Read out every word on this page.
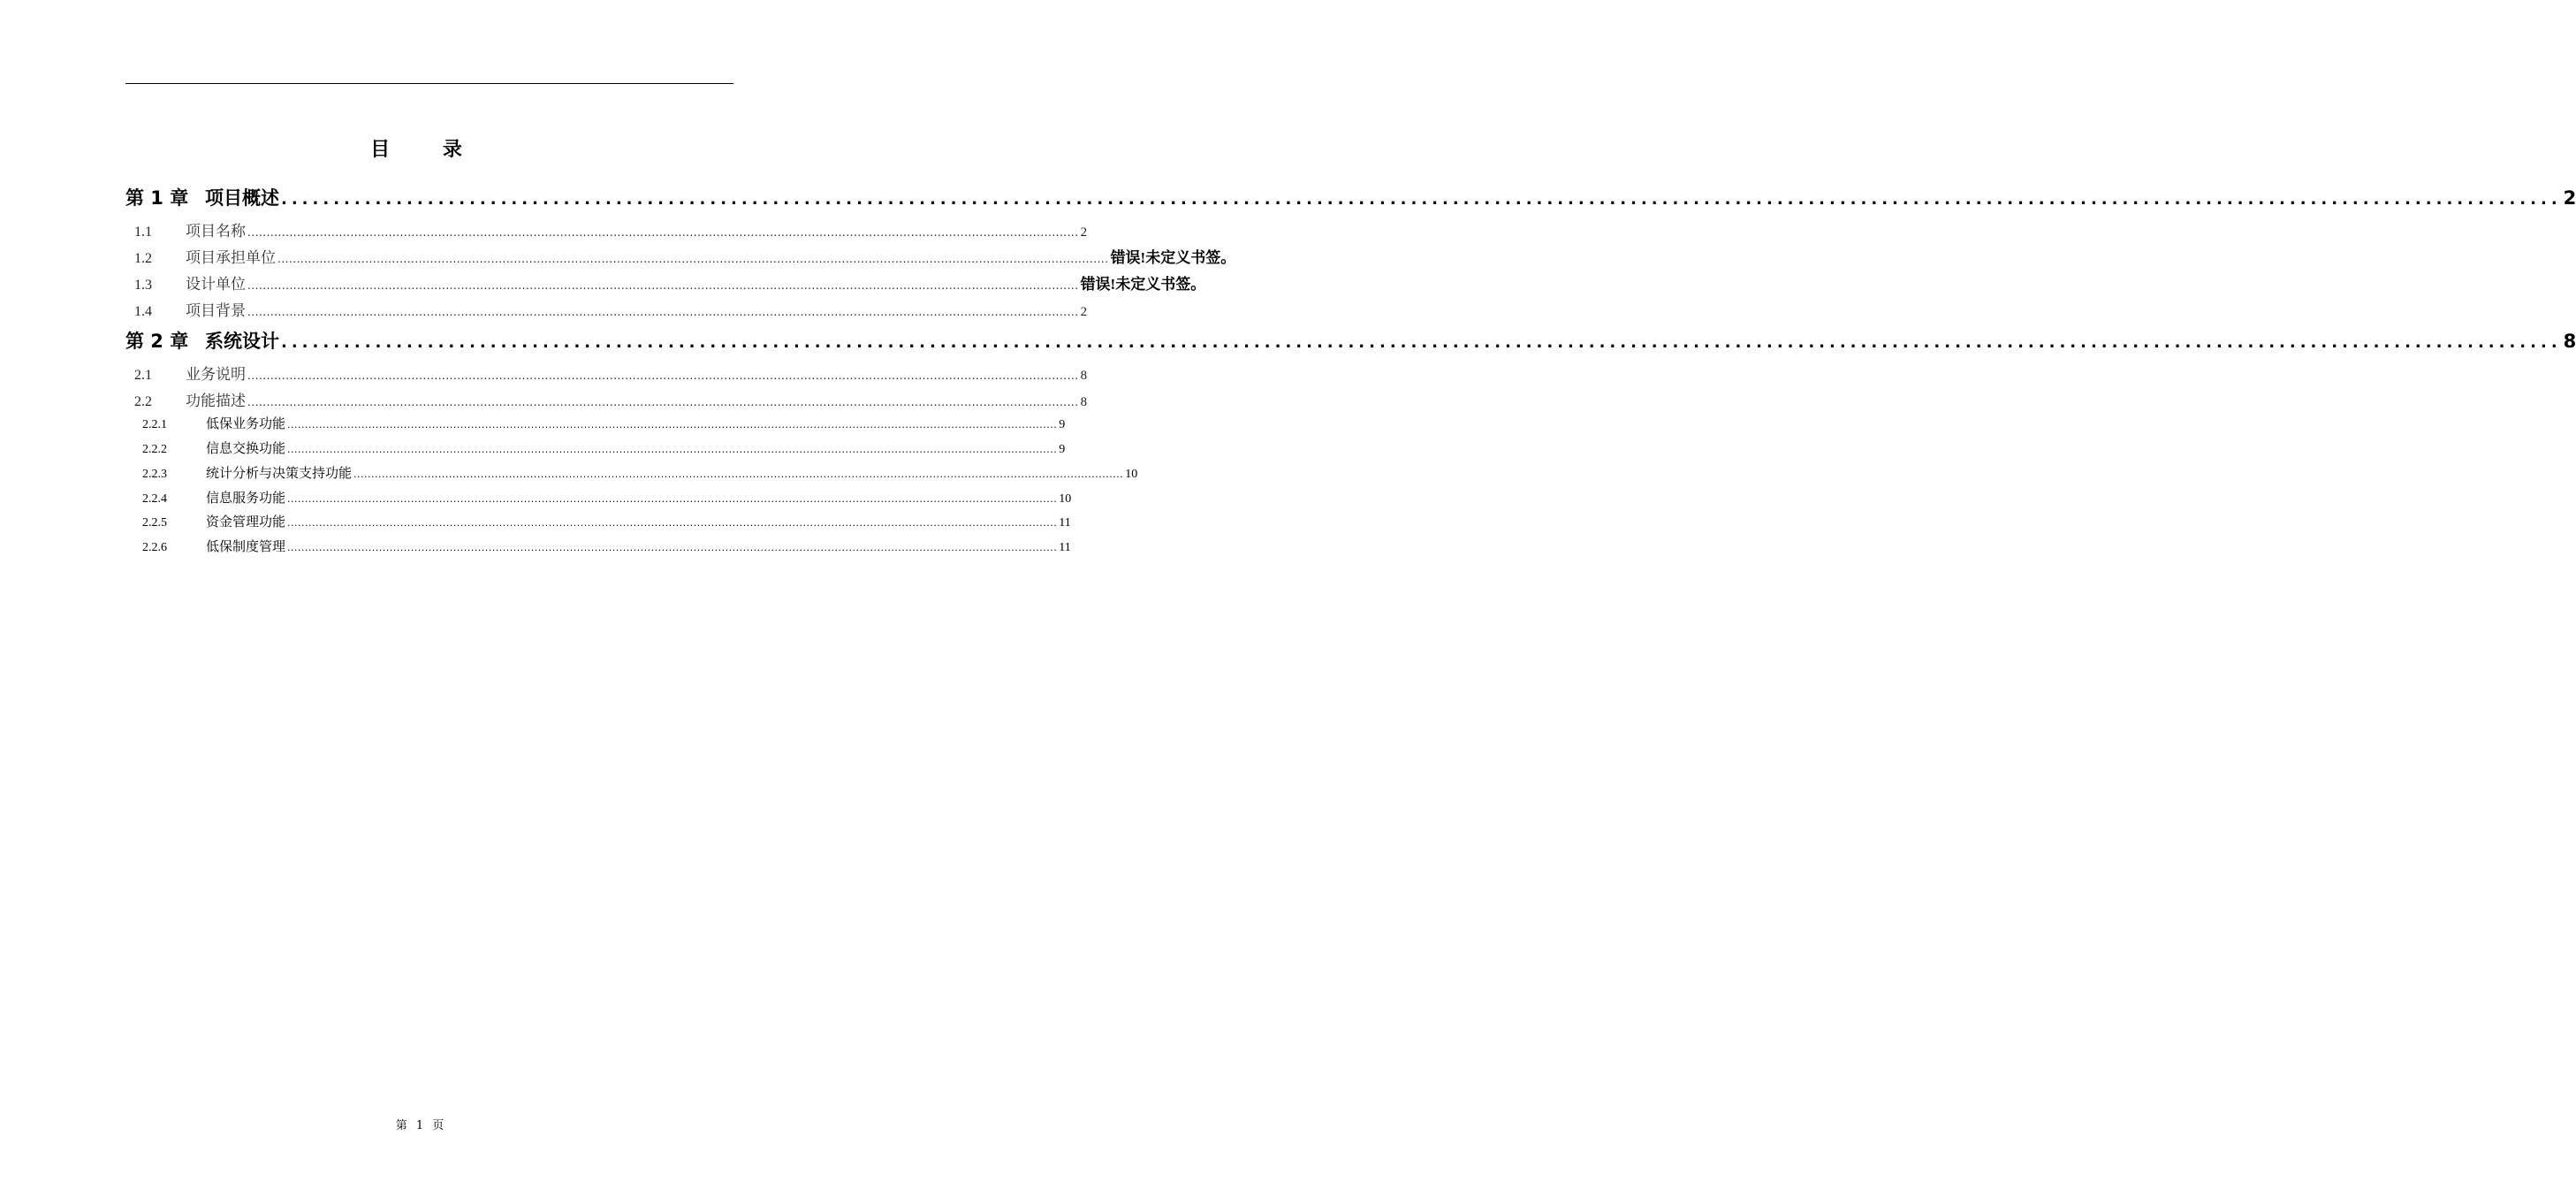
目 录
第 1 章 项目概述 .......................................................................................................................................................................................................................... 2
1.1	项目名称 .......................................................................................................................................................................................................................... 2
1.2	项目承担单位 .......................................................................................................................................................................................................................... 错误!未定义书签。
1.3	设计单位 .......................................................................................................................................................................................................................... 错误!未定义书签。
1.4	项目背景 .......................................................................................................................................................................................................................... 2
第 2 章 系统设计 .......................................................................................................................................................................................................................... 8
2.1	业务说明 .......................................................................................................................................................................................................................... 8
2.2	功能描述 .......................................................................................................................................................................................................................... 8
2.2.1	低保业务功能 .......................................................................................................................................................................................................................... 9
2.2.2	信息交换功能 .......................................................................................................................................................................................................................... 9
2.2.3	统计分析与决策支持功能 .......................................................................................................................................................................................................................... 10
2.2.4	信息服务功能 .......................................................................................................................................................................................................................... 10
2.2.5	资金管理功能 .......................................................................................................................................................................................................................... 11
2.2.6	低保制度管理 .......................................................................................................................................................................................................................... 11
第 1 页
